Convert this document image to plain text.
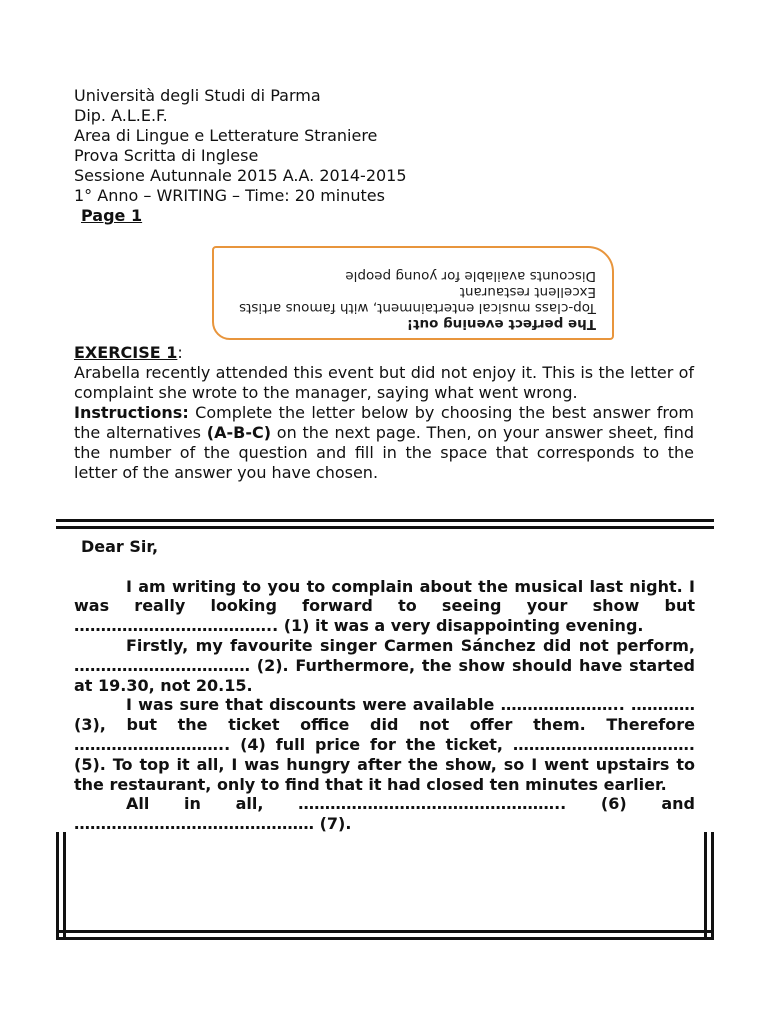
Università degli Studi di Parma
Dip. A.L.E.F.
Area di Lingue e Letterature Straniere
Prova Scritta di Inglese
Sessione Autunnale 2015 A.A. 2014-2015
1° Anno – WRITING – Time: 20 minutes
Page 1
The perfect evening out!
Top-class musical entertainment, with famous artists
Excellent restaurant
Discounts available for young people

EXERCISE 1:

Arabella recently attended this event but did not enjoy it. This is the letter of complaint she wrote to the manager, saying what went wrong.

Instructions: Complete the letter below by choosing the best answer from the alternatives (A-B-C) on the next page. Then, on your answer sheet, find the number of the question and fill in the space that corresponds to the letter of the answer you have chosen.

Dear Sir,

I am writing to you to complain about the musical last night. I was really looking forward to seeing your show but ……………………………….. (1) it was a very disappointing evening.

Firstly, my favourite singer Carmen Sánchez did not perform, …………………………… (2). Furthermore, the show should have started at 19.30, not 20.15.

I was sure that discounts were available ………………….. ………… (3), but the ticket office did not offer them. Therefore ……………………….. (4) full price for the ticket, ……………………………. (5). To top it all, I was hungry after the show, so I went upstairs to the restaurant, only to find that it had closed ten minutes earlier.

All in all, ………………………………………….. (6) and ……………………………………… (7).
